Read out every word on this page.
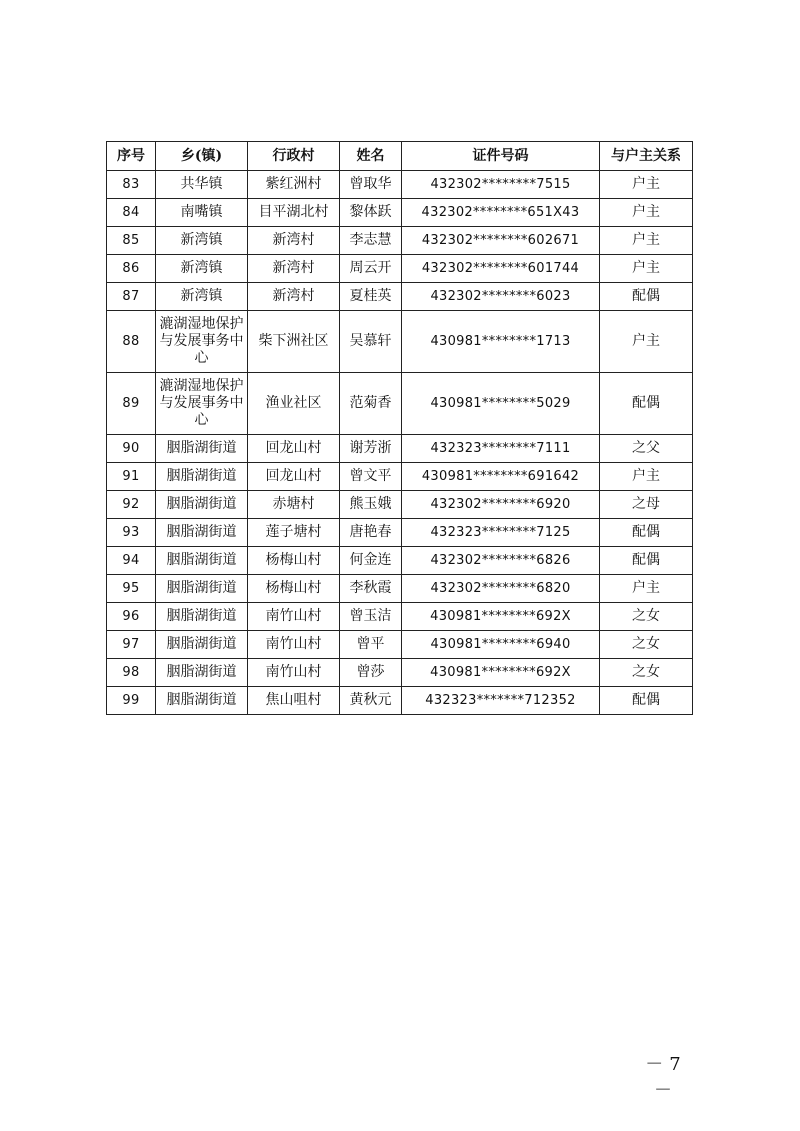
序号	乡(镇)	行政村	姓名	证件号码	与户主关系
83	共华镇	紫红洲村	曾取华	432302********7515	户主
84	南嘴镇	目平湖北村	黎体跃	432302********651X43	户主
85	新湾镇	新湾村	李志慧	432302********602671	户主
86	新湾镇	新湾村	周云开	432302********601744	户主
87	新湾镇	新湾村	夏桂英	432302********6023	配偶
88	漉湖湿地保护
与发展事务中
心	柴下洲社区	吴慕轩	430981********1713	户主
89	漉湖湿地保护
与发展事务中
心	渔业社区	范菊香	430981********5029	配偶
90	胭脂湖街道	回龙山村	谢芳浙	432323********7111	之父
91	胭脂湖街道	回龙山村	曾文平	430981********691642	户主
92	胭脂湖街道	赤塘村	熊玉娥	432302********6920	之母
93	胭脂湖街道	莲子塘村	唐艳春	432323********7125	配偶
94	胭脂湖街道	杨梅山村	何金连	432302********6826	配偶
95	胭脂湖街道	杨梅山村	李秋霞	432302********6820	户主
96	胭脂湖街道	南竹山村	曾玉洁	430981********692X	之女
97	胭脂湖街道	南竹山村	曾平	430981********6940	之女
98	胭脂湖街道	南竹山村	曾莎	430981********692X	之女
99	胭脂湖街道	焦山咀村	黄秋元	432323*******712352	配偶
－7－
